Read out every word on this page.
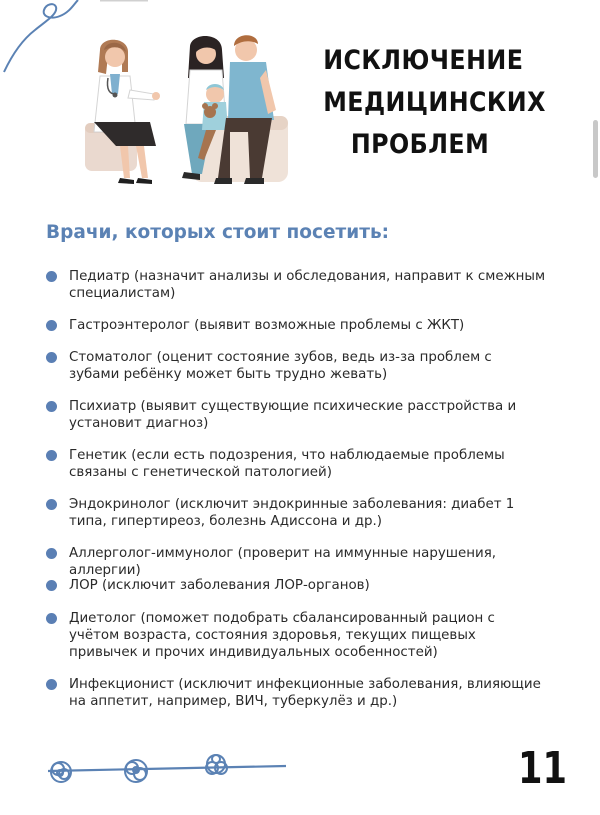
ИСКЛЮЧЕНИЕ
МЕДИЦИНСКИХ
ПРОБЛЕМ
Врачи, которых стоит посетить:
Педиатр (назначит анализы и обследования, направит к смежным специалистам)
Гастроэнтеролог (выявит возможные проблемы с ЖКТ)
Стоматолог (оценит состояние зубов, ведь из-за проблем с зубами ребёнку может быть трудно жевать)
Психиатр (выявит существующие психические расстройства и установит диагноз)
Генетик (если есть подозрения, что наблюдаемые проблемы связаны с генетической патологией)
Эндокринолог (исключит эндокринные заболевания: диабет 1 типа, гипертиреоз, болезнь Адиссона и др.)
Аллерголог-иммунолог (проверит на иммунные нарушения, аллергии)
ЛОР (исключит заболевания ЛОР-органов)
Диетолог (поможет подобрать сбалансированный рацион с учётом возраста, состояния здоровья, текущих пищевых привычек и прочих индивидуальных особенностей)
Инфекционист (исключит инфекционные заболевания, влияющие на аппетит, например, ВИЧ, туберкулёз и др.)
11
